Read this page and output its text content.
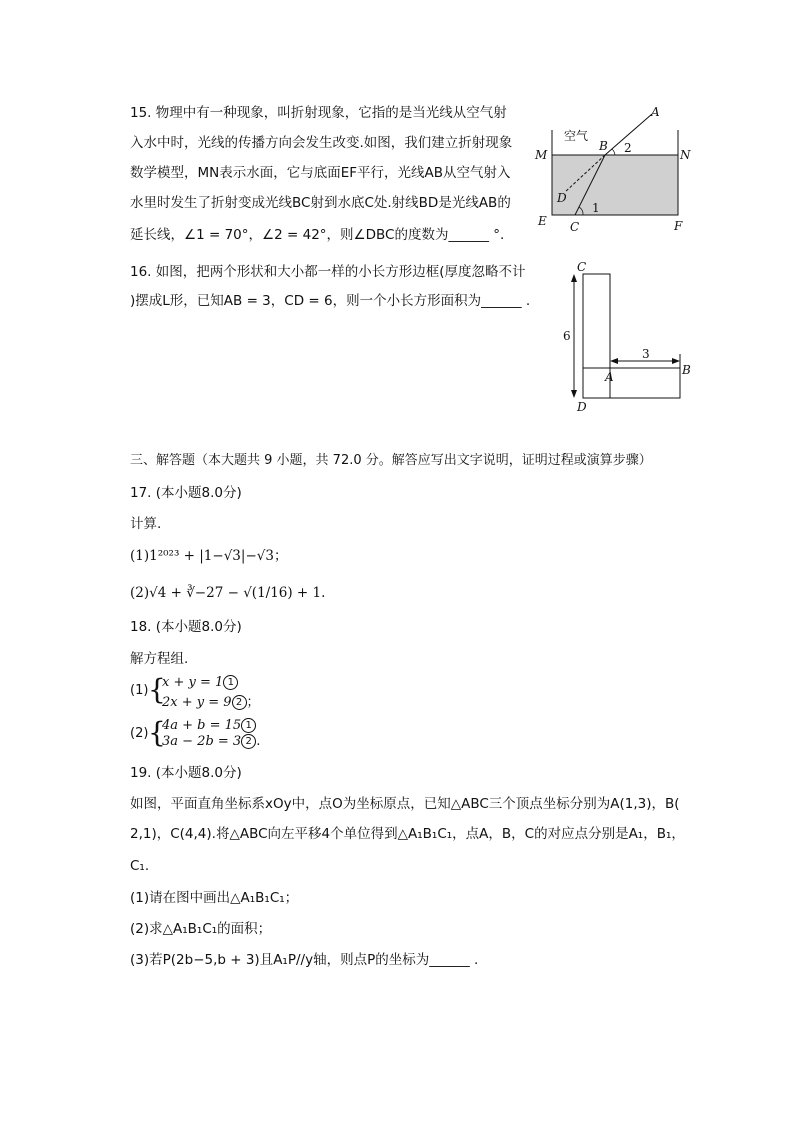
15. 物理中有一种现象，叫折射现象，它指的是当光线从空气射
入水中时，光线的传播方向会发生改变.如图，我们建立折射现象
数学模型，MN表示水面，它与底面EF平行，光线AB从空气射入
水里时发生了折射变成光线BC射到水底C处.射线BD是光线AB的
延长线，∠1 = 70°，∠2 = 42°，则∠DBC的度数为______ °.
空气
A
B
M	N
D
E C	F
1
2
16. 如图，把两个形状和大小都一样的小长方形边框(厚度忽略不计
)摆成L形，已知AB = 3，CD = 6，则一个小长方形面积为______ .
C
6
3
A	B
D
三、解答题（本大题共 9 小题，共 72.0 分。解答应写出文字说明，证明过程或演算步骤）
17. (本小题8.0分)
计算.
(1)1²⁰²³ + |1−√3|−√3；
(2)√4 + ∛−27 − √(1/16) + 1.
18. (本小题8.0分)
解方程组.
(1) {
x + y = 1 1
2x + y = 9 2 ；
(2) {
4a + b = 15 1
3a − 2b = 3 2 .
19. (本小题8.0分)
如图，平面直角坐标系xOy中，点O为坐标原点，已知△ABC三个顶点坐标分别为A(1,3)，B(
2,1)，C(4,4).将△ABC向左平移4个单位得到△A₁B₁C₁，点A，B，C的对应点分别是A₁，B₁，
C₁.
(1)请在图中画出△A₁B₁C₁；
(2)求△A₁B₁C₁的面积；
(3)若P(2b−5,b + 3)且A₁P//y轴，则点P的坐标为______ .
